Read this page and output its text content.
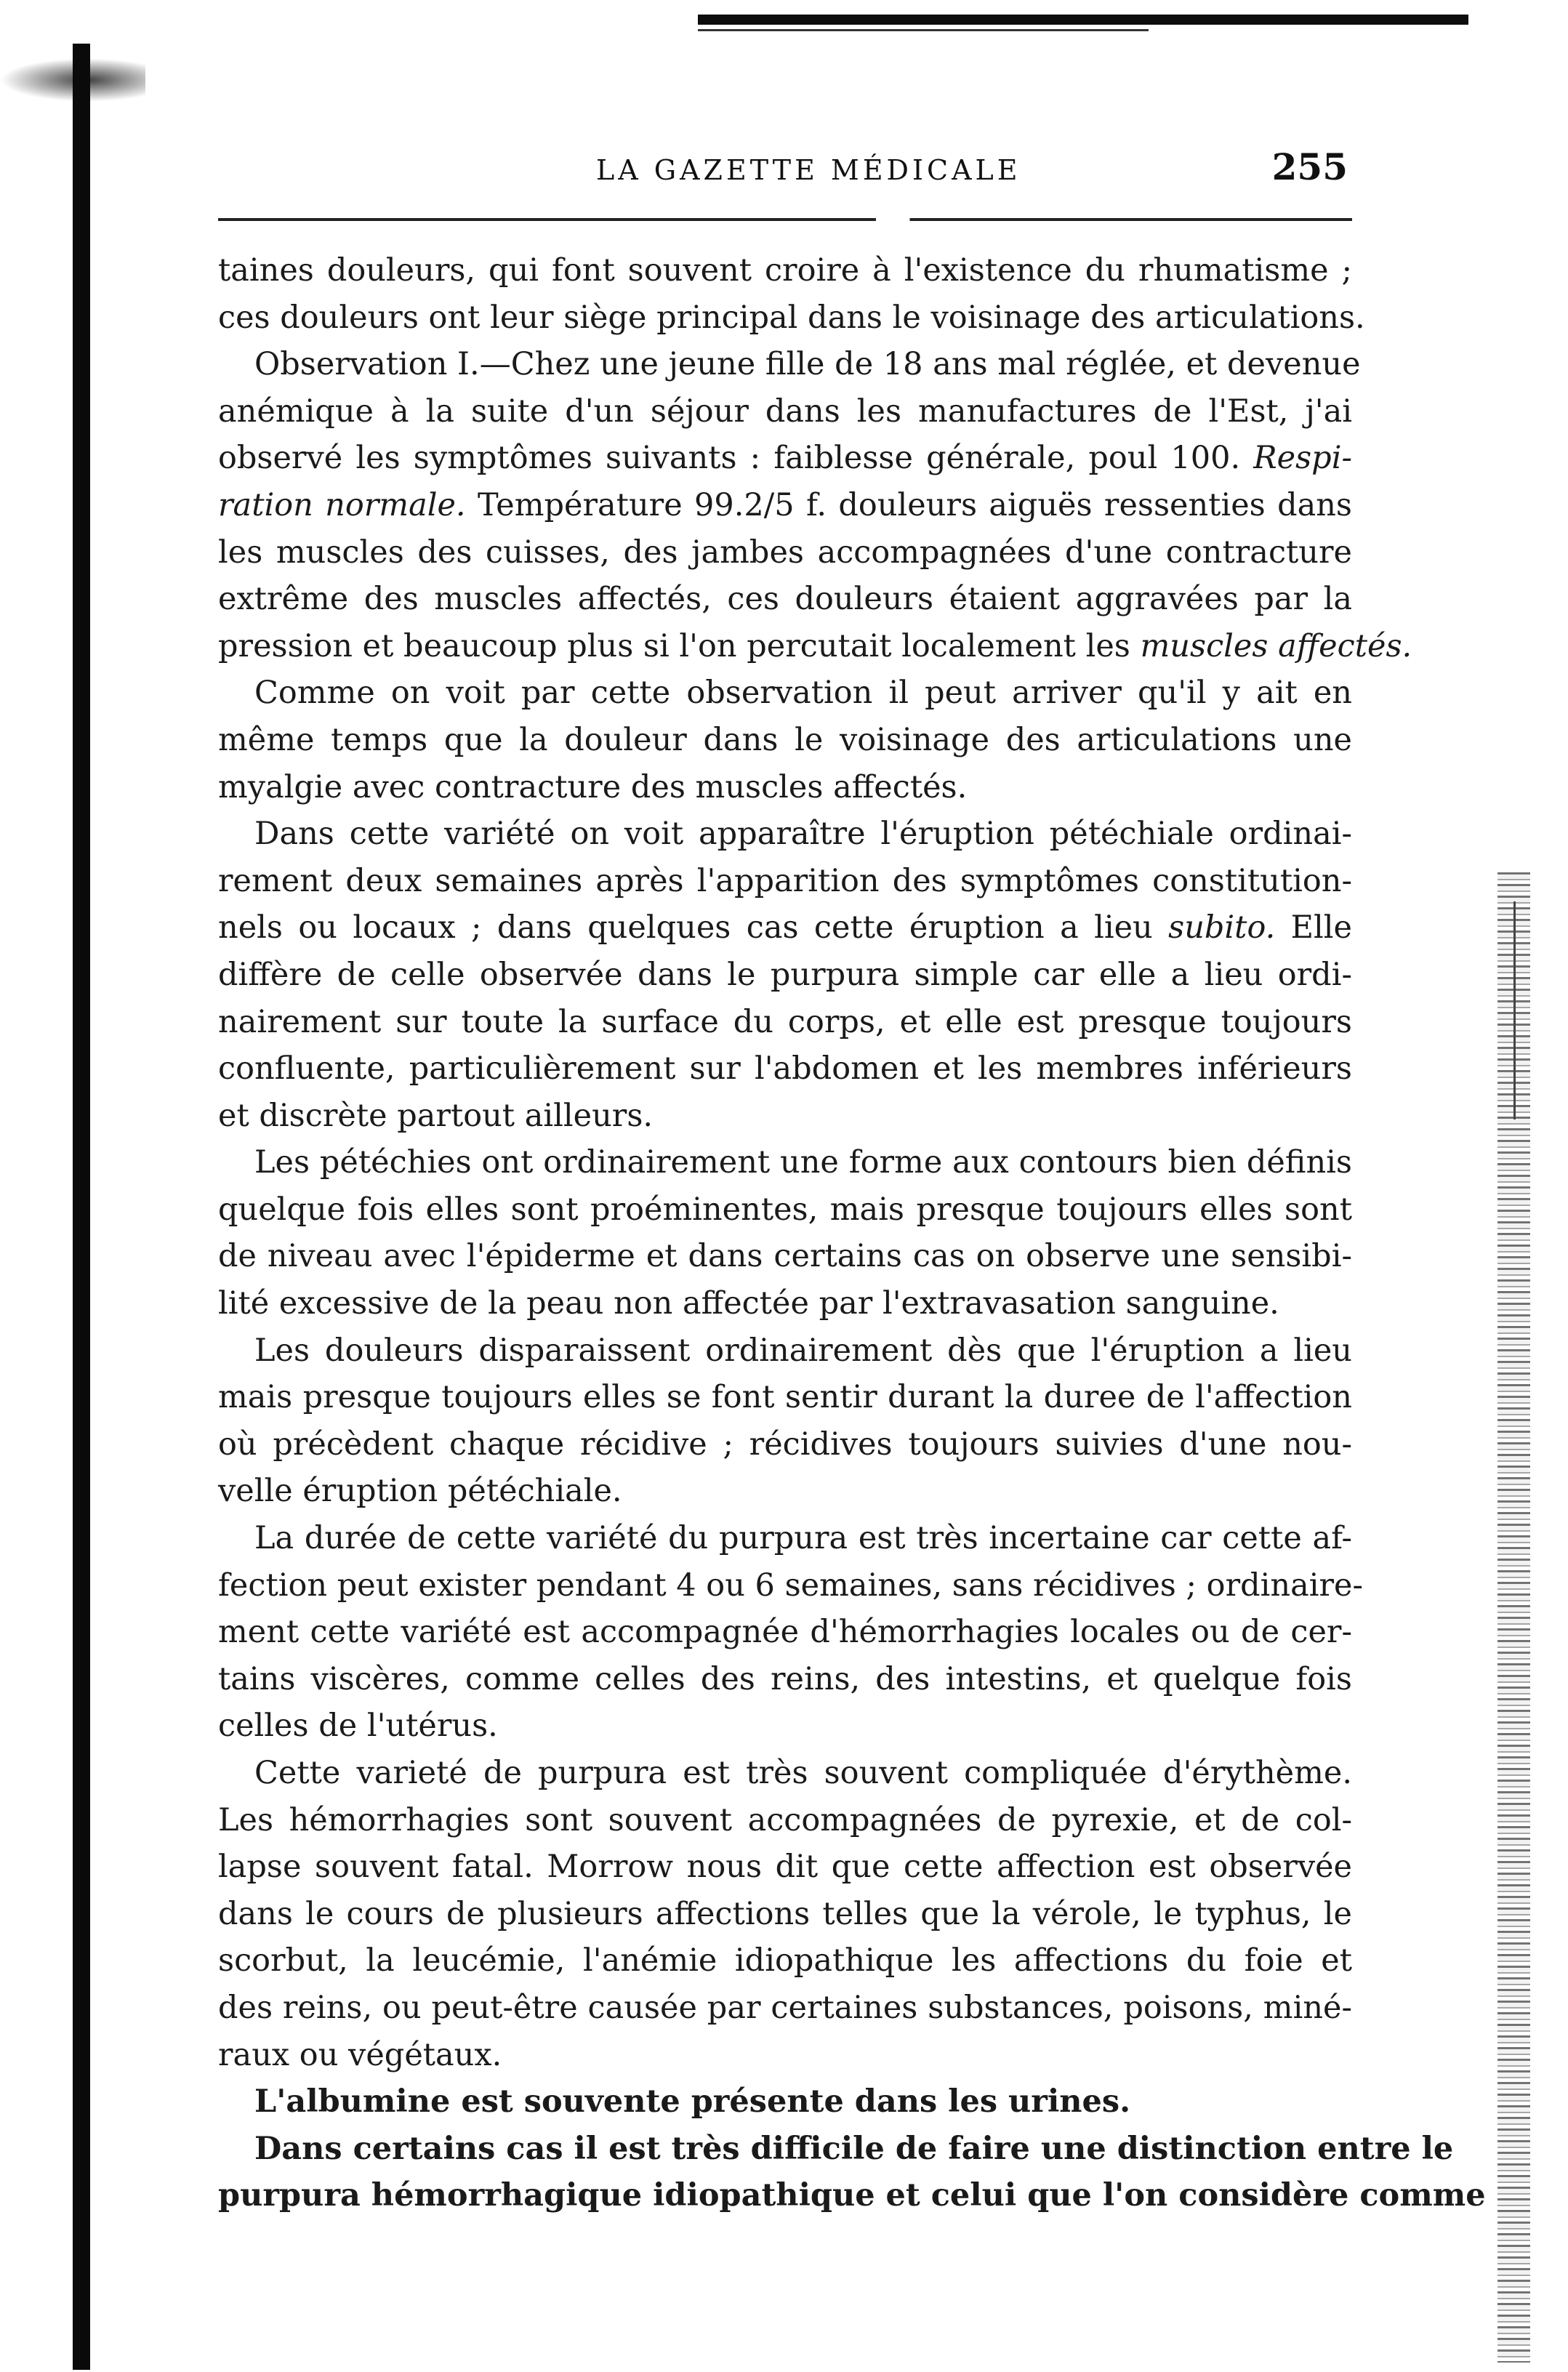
LA GAZETTE MÉDICALE	255
taines douleurs, qui font souvent croire à l'existence du rhumatisme ;
ces douleurs ont leur siège principal dans le voisinage des articulations.
Observation I.—Chez une jeune fille de 18 ans mal réglée, et devenue
anémique à la suite d'un séjour dans les manufactures de l'Est, j'ai
observé les symptômes suivants : faiblesse générale, poul 100. Respi-
ration normale. Température 99.2/5 f. douleurs aiguës ressenties dans
les muscles des cuisses, des jambes accompagnées d'une contracture
extrême des muscles affectés, ces douleurs étaient aggravées par la
pression et beaucoup plus si l'on percutait localement les muscles affectés.
Comme on voit par cette observation il peut arriver qu'il y ait en
même temps que la douleur dans le voisinage des articulations une
myalgie avec contracture des muscles affectés.
Dans cette variété on voit apparaître l'éruption pétéchiale ordinai-
rement deux semaines après l'apparition des symptômes constitution-
nels ou locaux ; dans quelques cas cette éruption a lieu subito. Elle
diffère de celle observée dans le purpura simple car elle a lieu ordi-
nairement sur toute la surface du corps, et elle est presque toujours
confluente, particulièrement sur l'abdomen et les membres inférieurs
et discrète partout ailleurs.
Les pétéchies ont ordinairement une forme aux contours bien définis
quelque fois elles sont proéminentes, mais presque toujours elles sont
de niveau avec l'épiderme et dans certains cas on observe une sensibi-
lité excessive de la peau non affectée par l'extravasation sanguine.
Les douleurs disparaissent ordinairement dès que l'éruption a lieu
mais presque toujours elles se font sentir durant la duree de l'affection
où précèdent chaque récidive ; récidives toujours suivies d'une nou-
velle éruption pétéchiale.
La durée de cette variété du purpura est très incertaine car cette af-
fection peut exister pendant 4 ou 6 semaines, sans récidives ; ordinaire-
ment cette variété est accompagnée d'hémorrhagies locales ou de cer-
tains viscères, comme celles des reins, des intestins, et quelque fois
celles de l'utérus.
Cette varieté de purpura est très souvent compliquée d'érythème.
Les hémorrhagies sont souvent accompagnées de pyrexie, et de col-
lapse souvent fatal. Morrow nous dit que cette affection est observée
dans le cours de plusieurs affections telles que la vérole, le typhus, le
scorbut, la leucémie, l'anémie idiopathique les affections du foie et
des reins, ou peut-être causée par certaines substances, poisons, miné-
raux ou végétaux.
L'albumine est souvente présente dans les urines.
Dans certains cas il est très difficile de faire une distinction entre le
purpura hémorrhagique idiopathique et celui que l'on considère comme
